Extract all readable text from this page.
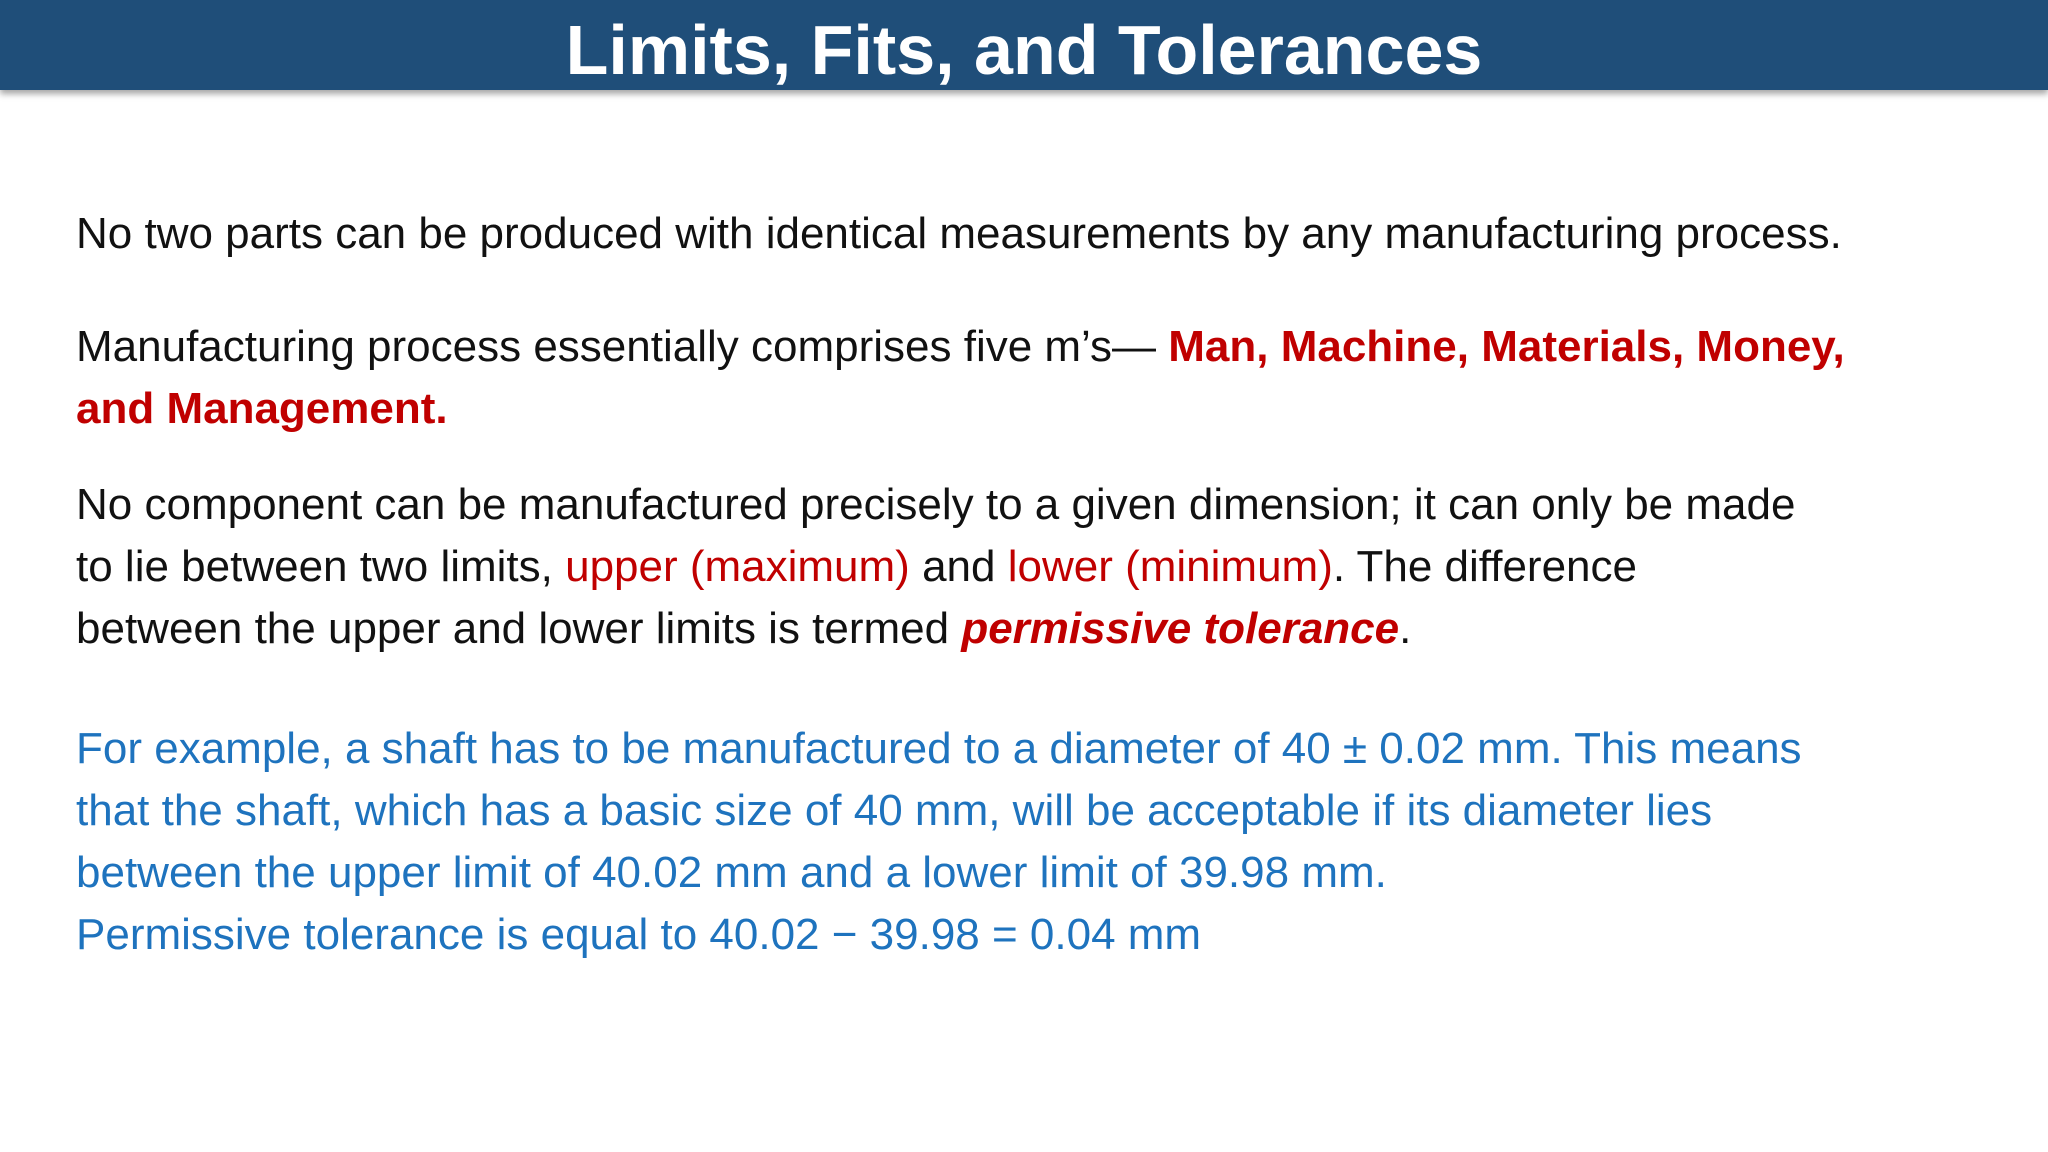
Limits, Fits, and Tolerances

No two parts can be produced with identical measurements by any manufacturing process.

Manufacturing process essentially comprises five m’s— Man, Machine, Materials, Money,
and Management.

No component can be manufactured precisely to a given dimension; it can only be made
to lie between two limits, upper (maximum) and lower (minimum). The difference
between the upper and lower limits is termed permissive tolerance.

For example, a shaft has to be manufactured to a diameter of 40 ± 0.02 mm. This means
that the shaft, which has a basic size of 40 mm, will be acceptable if its diameter lies
between the upper limit of 40.02 mm and a lower limit of 39.98 mm.
Permissive tolerance is equal to 40.02 − 39.98 = 0.04 mm
